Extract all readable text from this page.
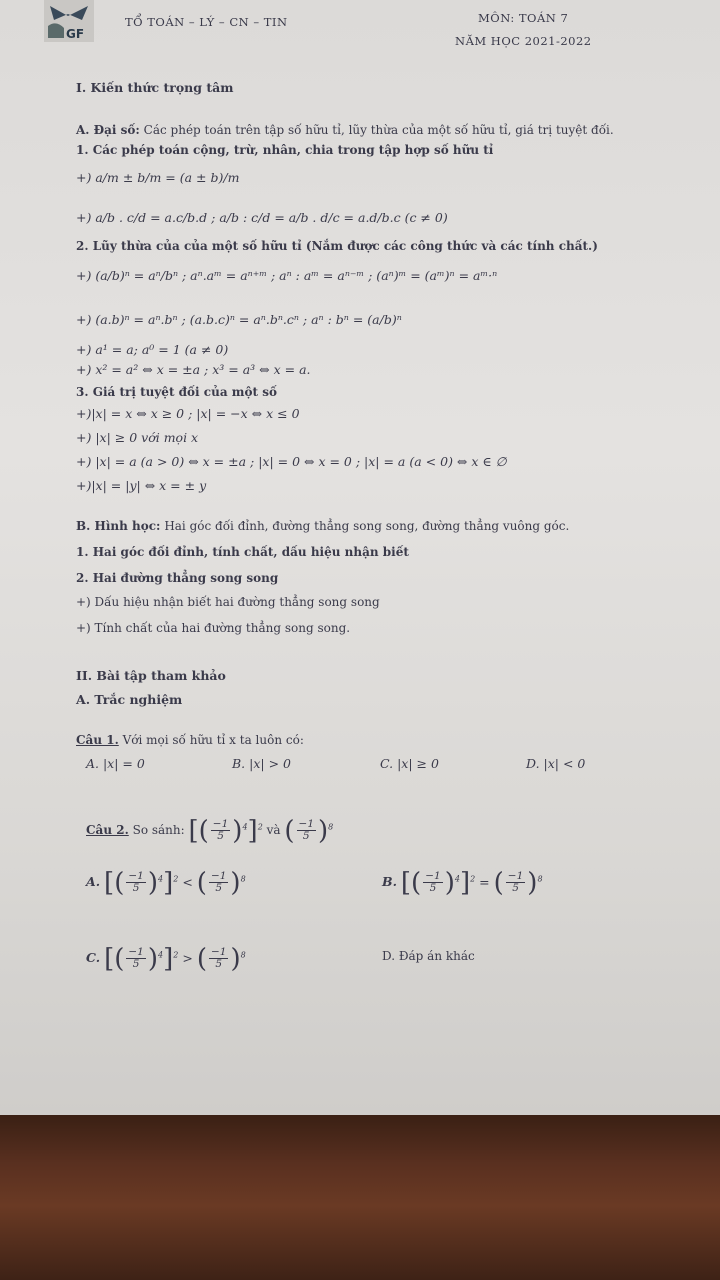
GF
TỔ TOÁN – LÝ – CN – TIN	MÔN: TOÁN 7
NĂM HỌC 2021-2022
I. Kiến thức trọng tâm
A. Đại số: Các phép toán trên tập số hữu tỉ, lũy thừa của một số hữu tỉ, giá trị tuyệt đối.
1. Các phép toán cộng, trừ, nhân, chia trong tập hợp số hữu tỉ
+) a/m ± b/m = (a ± b)/m
+) a/b . c/d = a.c/b.d ; a/b : c/d = a/b . d/c = a.d/b.c (c ≠ 0)
2. Lũy thừa của của một số hữu tỉ (Nắm được các công thức và các tính chất.)
+) (a/b)ⁿ = aⁿ/bⁿ ; aⁿ.aᵐ = aⁿ⁺ᵐ ; aⁿ : aᵐ = aⁿ⁻ᵐ ; (aⁿ)ᵐ = (aᵐ)ⁿ = aᵐ·ⁿ
+) (a.b)ⁿ = aⁿ.bⁿ ; (a.b.c)ⁿ = aⁿ.bⁿ.cⁿ ; aⁿ : bⁿ = (a/b)ⁿ
+) a¹ = a; a⁰ = 1 (a ≠ 0)
+) x² = a² ⇔ x = ±a ; x³ = a³ ⇔ x = a.
3. Giá trị tuyệt đối của một số
+)|x| = x ⇔ x ≥ 0 ; |x| = −x ⇔ x ≤ 0
+) |x| ≥ 0 với mọi x
+) |x| = a (a > 0) ⇔ x = ±a ; |x| = 0 ⇔ x = 0 ; |x| = a (a < 0) ⇔ x ∈ ∅
+)|x| = |y| ⇔ x = ± y
B. Hình học: Hai góc đối đỉnh, đường thẳng song song, đường thẳng vuông góc.
1. Hai góc đối đỉnh, tính chất, dấu hiệu nhận biết
2. Hai đường thẳng song song
+) Dấu hiệu nhận biết hai đường thẳng song song
+) Tính chất của hai đường thẳng song song.
II. Bài tập tham khảo
A. Trắc nghiệm
Câu 1. Với mọi số hữu tỉ x ta luôn có:
A. |x| = 0	B. |x| > 0	C. |x| ≥ 0	D. |x| < 0
Câu 2. So sánh: [( $\frac{-1}{5} )^4]^2$ và ( $\frac{-1}{5} )^8$
A. [( $\frac{-1}{5} )^4]^2$ < ( $\frac{-1}{5} )^8$	B. [( $\frac{-1}{5} )^4]^2$ = ( $\frac{-1}{5} )^8$
C. [( $\frac{-1}{5} )^4]^2$ > ( $\frac{-1}{5} )^8$	D. Đáp án khác
